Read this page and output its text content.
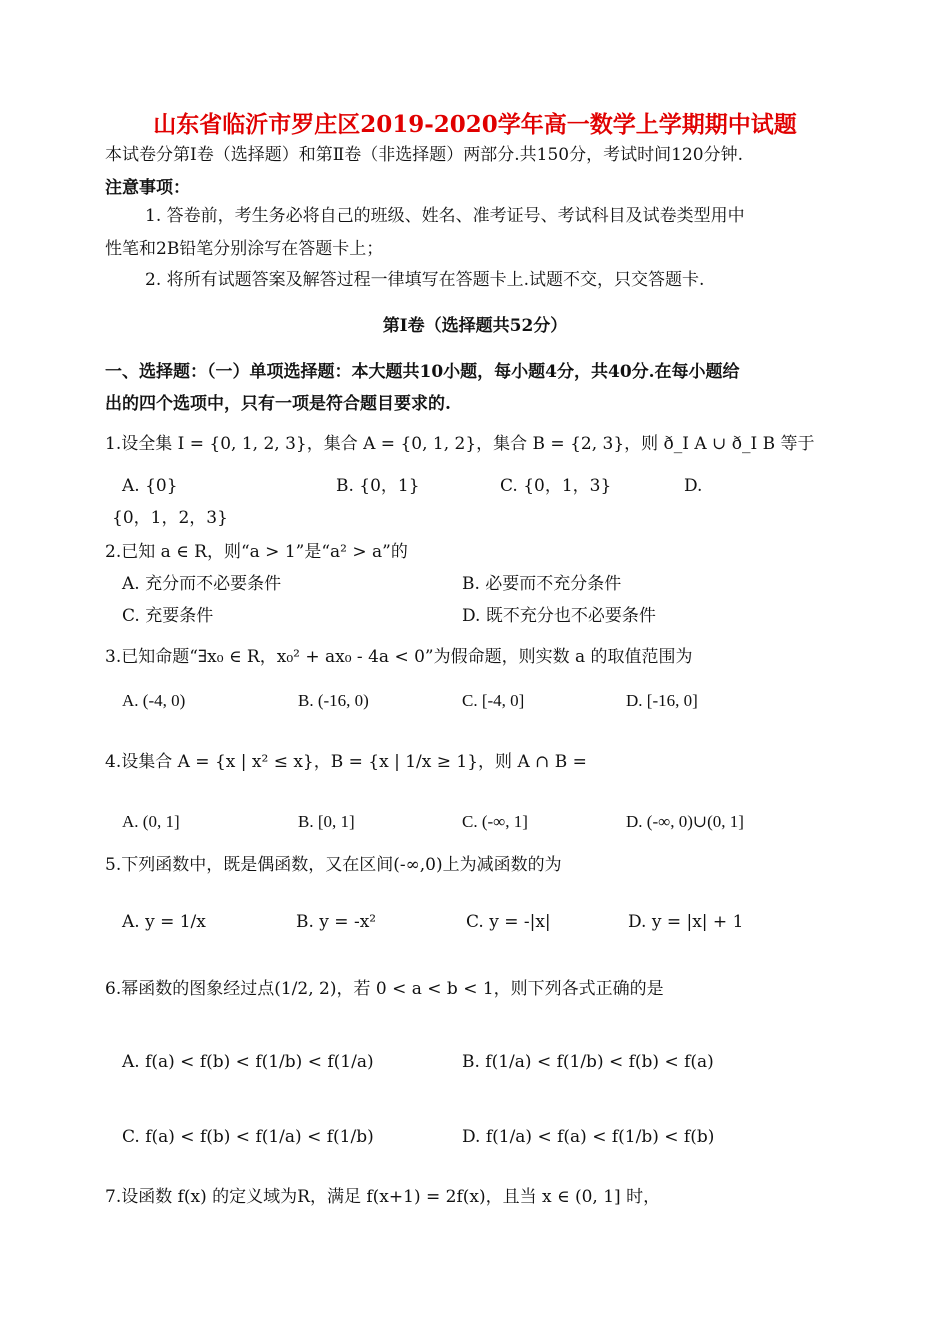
山东省临沂市罗庄区2019-2020学年高一数学上学期期中试题
本试卷分第Ⅰ卷（选择题）和第Ⅱ卷（非选择题）两部分.共150分，考试时间120分钟.
注意事项：
1. 答卷前，考生务必将自己的班级、姓名、准考证号、考试科目及试卷类型用中
性笔和2B铅笔分别涂写在答题卡上；
2. 将所有试题答案及解答过程一律填写在答题卡上.试题不交，只交答题卡.
第Ⅰ卷（选择题共52分）
一、选择题：（一）单项选择题：本大题共10小题，每小题4分，共40分.在每小题给
出的四个选项中，只有一项是符合题目要求的.
1.设全集 I = {0, 1, 2, 3}，集合 A = {0, 1, 2}，集合 B = {2, 3}，则 ð_I A ∪ ð_I B 等于
A. {0}	B. {0，1}	C. {0，1，3}	D.
{0，1，2，3}
2.已知 a ∈ R，则“a > 1”是“a² > a”的
A. 充分而不必要条件	B. 必要而不充分条件
C. 充要条件	D. 既不充分也不必要条件
3.已知命题“∃x₀ ∈ R，x₀² + ax₀ - 4a < 0”为假命题，则实数 a 的取值范围为
A. (-4, 0)	B. (-16, 0)	C. [-4, 0]	D. [-16, 0]
4.设集合 A = {x | x² ≤ x}，B = {x | 1/x ≥ 1}，则 A ∩ B =
A. (0, 1]	B. [0, 1]	C. (-∞, 1]	D. (-∞, 0)∪(0, 1]
5.下列函数中，既是偶函数，又在区间(-∞,0)上为减函数的为
A. y = 1/x	B. y = -x²	C. y = -|x|	D. y = |x| + 1
6.幂函数的图象经过点(1/2, 2)，若 0 < a < b < 1，则下列各式正确的是
A. f(a) < f(b) < f(1/b) < f(1/a)	B. f(1/a) < f(1/b) < f(b) < f(a)
C. f(a) < f(b) < f(1/a) < f(1/b)	D. f(1/a) < f(a) < f(1/b) < f(b)
7.设函数 f(x) 的定义域为R，满足 f(x+1) = 2f(x)，且当 x ∈ (0, 1] 时，
